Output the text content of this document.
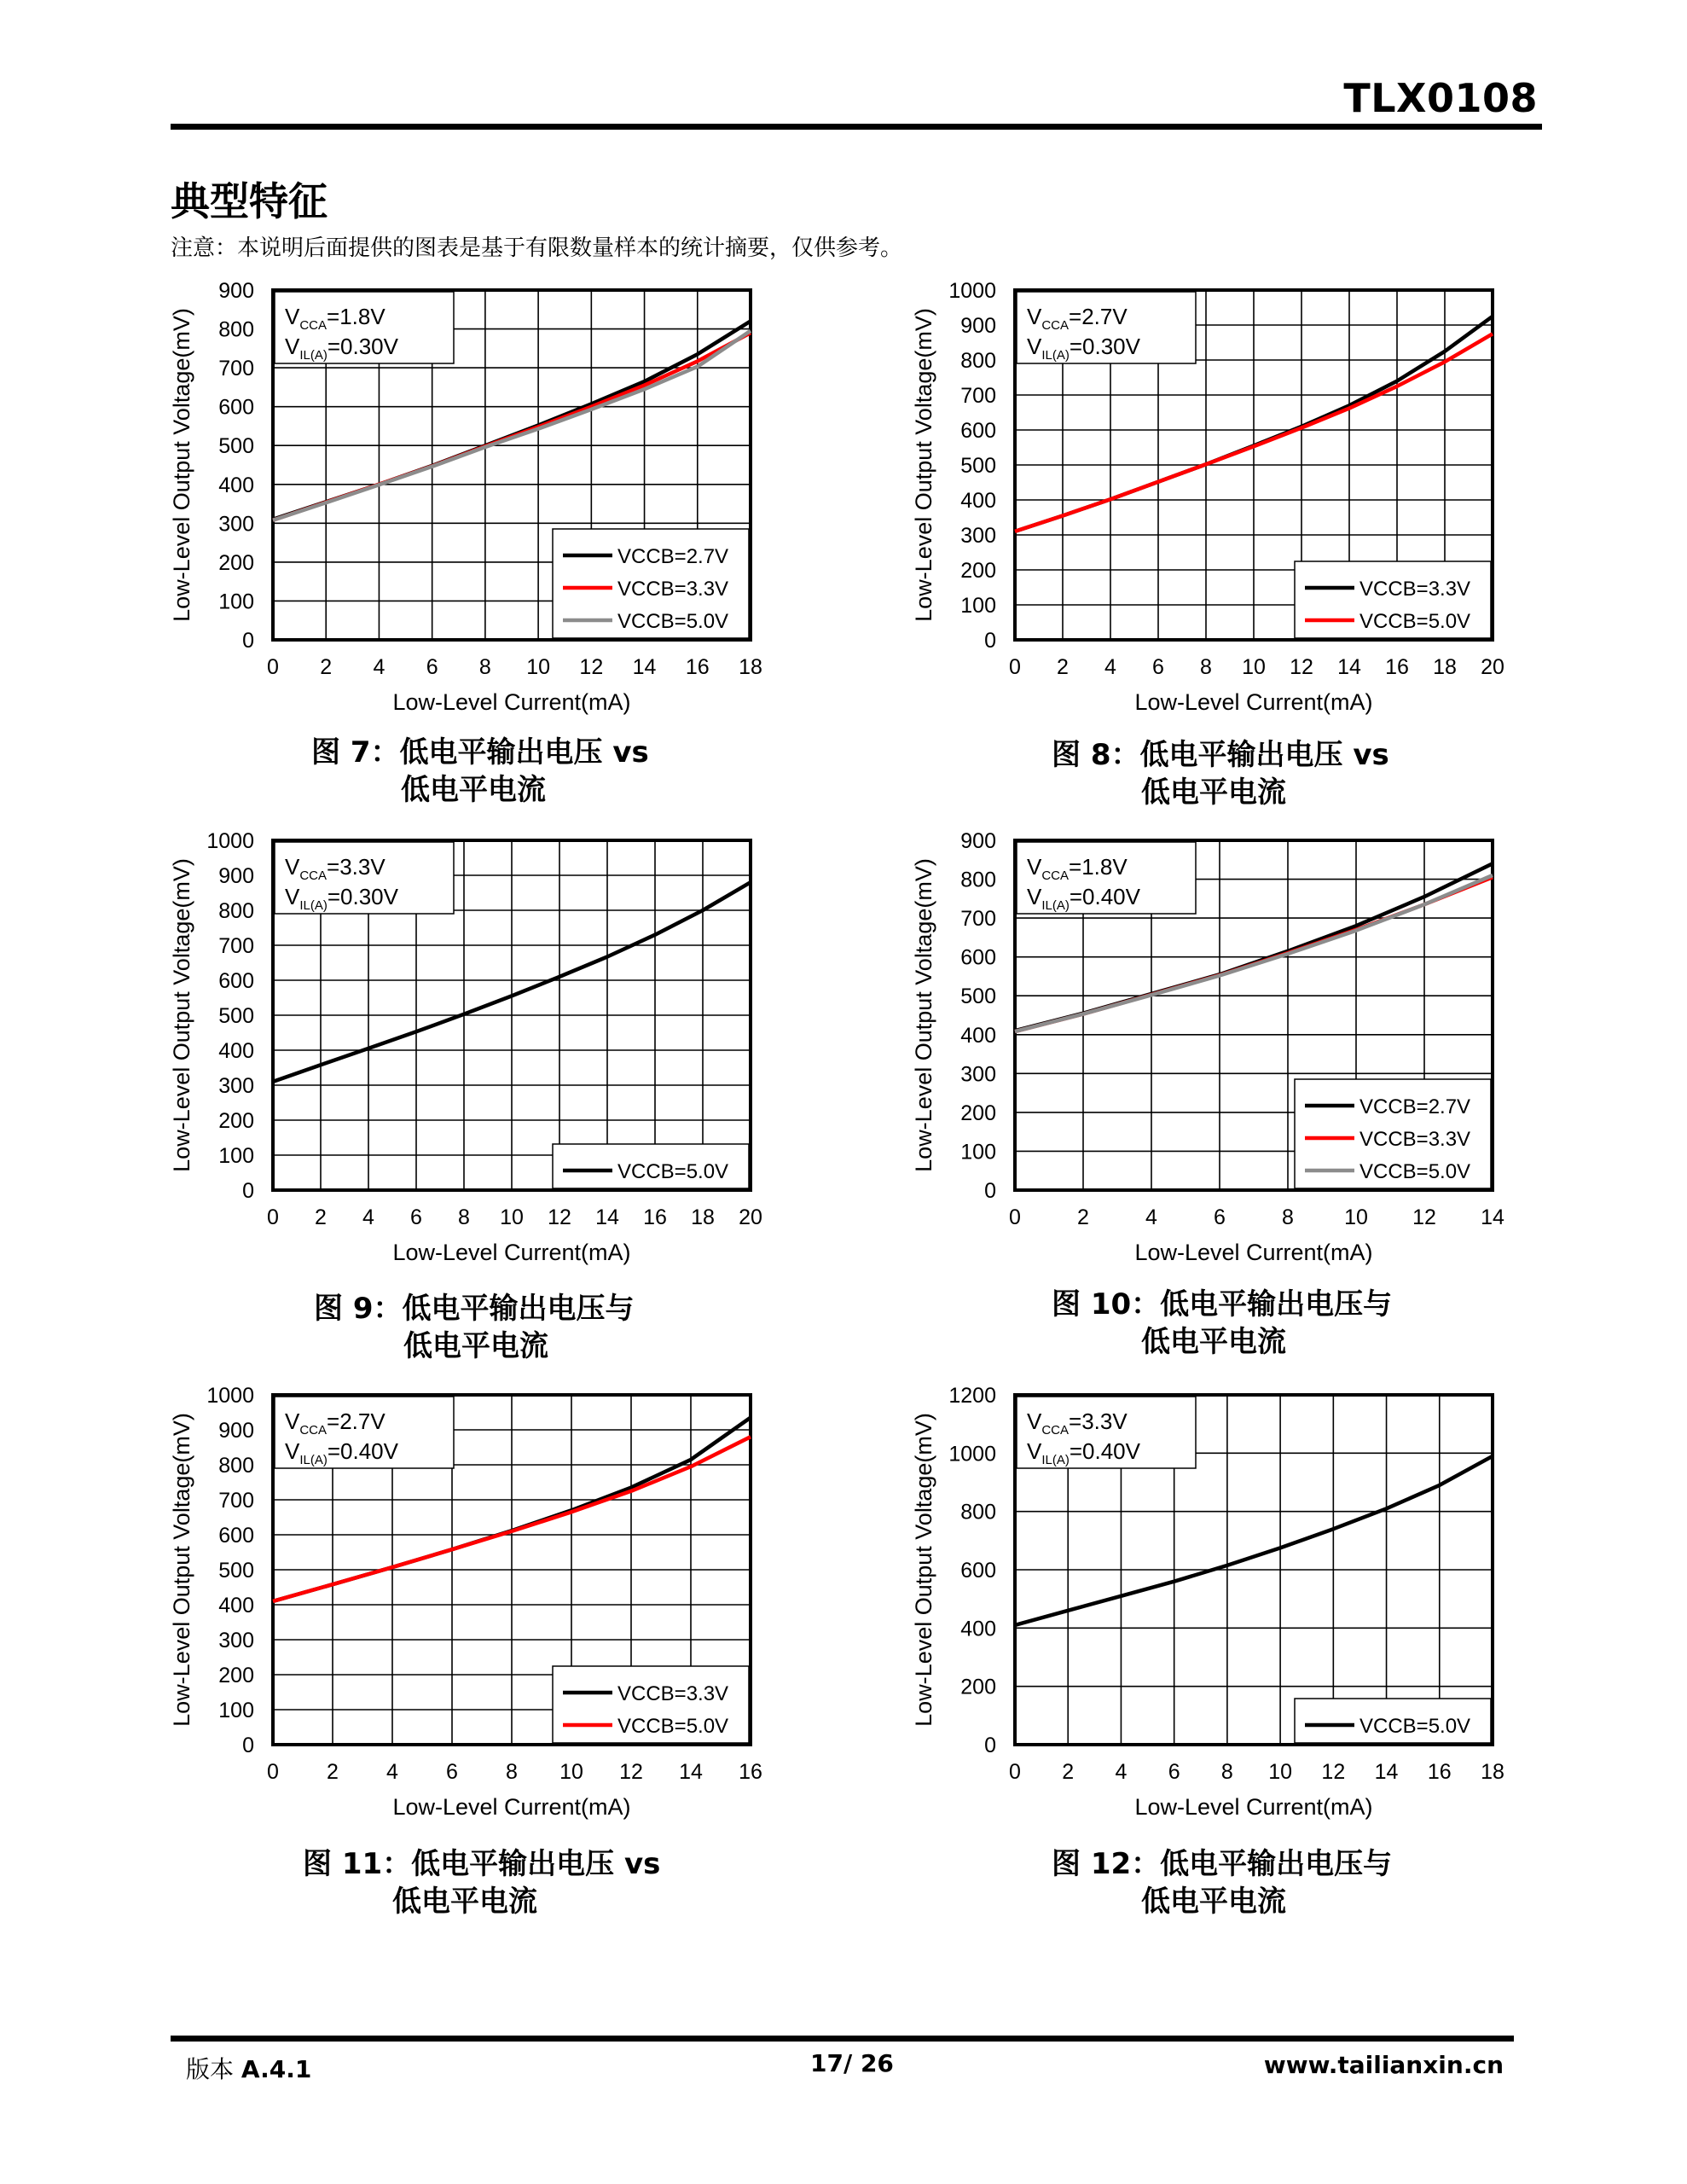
TLX0108
典型特征
注意：本说明后面提供的图表是基于有限数量样本的统计摘要，仅供参考。
0 2 4 6 8 10 12 14 16 18
0
100
200
300
400
500
600
700
800
900
Low-Level Current(mA)
Low-Level Output Voltage(mV)	$V_{CCA}=1.8V$
$V_{IL(A)}=0.30V$
VCCB=2.7V
VCCB=3.3V
VCCB=5.0V
0 2 4 6 8 10 12 14 16 18 20
0
100
200
300
400
500
600
700
800
900
1000
Low-Level Current(mA)
Low-Level Output Voltage(mV)	$V_{CCA}=2.7V$
$V_{IL(A)}=0.30V$
VCCB=3.3V
VCCB=5.0V
0 2 4 6 8 10 12 14 16 18 20
0
100
200
300
400
500
600
700
800
900
1000
Low-Level Current(mA)
Low-Level Output Voltage(mV)	$V_{CCA}=3.3V$
$V_{IL(A)}=0.30V$
VCCB=5.0V
0	2	4	6	8 10 12 14
0
100
200
300
400
500
600
700
800
900
Low-Level Current(mA)
Low-Level Output Voltage(mV)	$V_{CCA}=1.8V$
$V_{IL(A)}=0.40V$
VCCB=2.7V
VCCB=3.3V
VCCB=5.0V
0 2 4 6 8 10 12 14 16
0
100
200
300
400
500
600
700
800
900
1000
Low-Level Current(mA)
Low-Level Output Voltage(mV)	$V_{CCA}=2.7V$
$V_{IL(A)}=0.40V$
VCCB=3.3V
VCCB=5.0V
0 2 4 6 8 10 12 14 16 18
0
200
400
600
800
1000
1200
Low-Level Current(mA)
Low-Level Output Voltage(mV)	$V_{CCA}=3.3V$
$V_{IL(A)}=0.40V$
VCCB=5.0V
图 7：低电平输出电压 vs
低电平电流
图 8：低电平输出电压 vs
低电平电流
图 9：低电平输出电压与
低电平电流
图 10：低电平输出电压与
低电平电流
图 11：低电平输出电压 vs
低电平电流
图 12：低电平输出电压与
低电平电流
版本 A.4.1	17/ 26	www.tailianxin.cn
